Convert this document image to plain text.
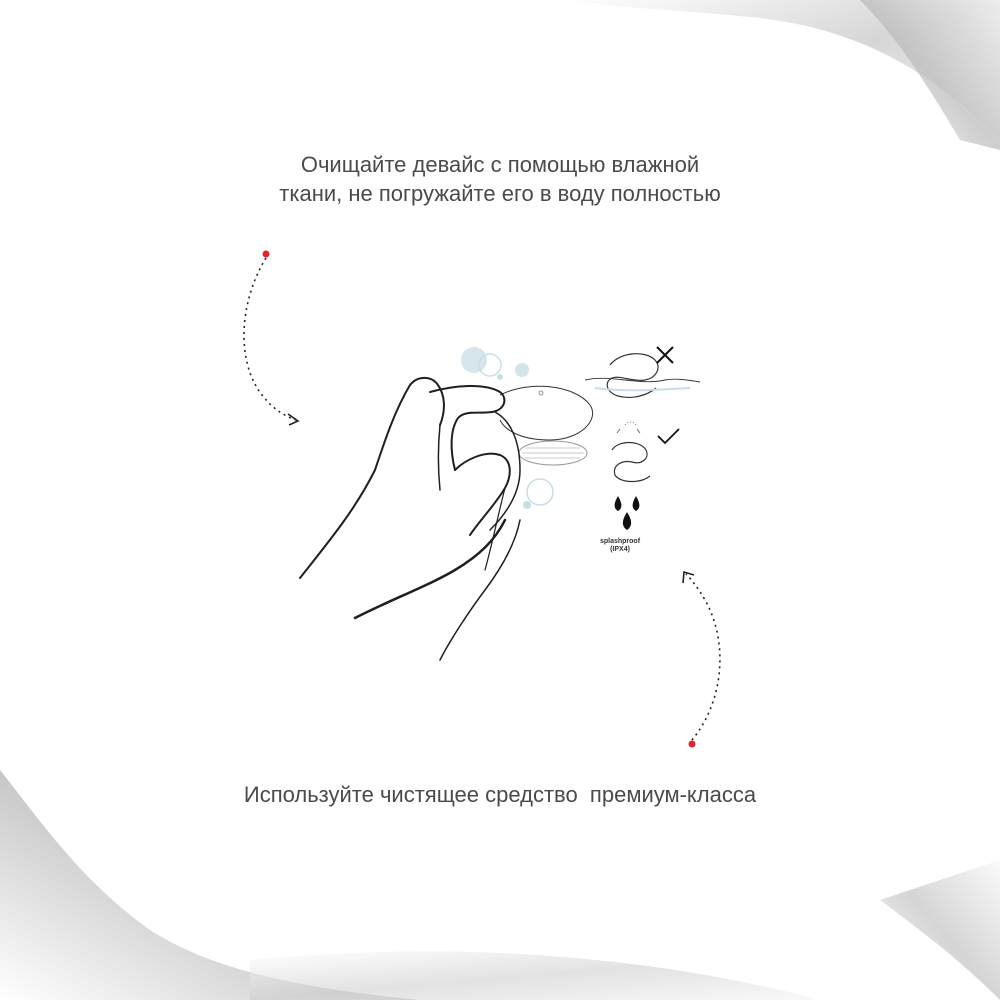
Очищайте девайс с помощью влажной
ткани, не погружайте его в воду полностью
splashproof
(IPX4)
Используйте чистящее средство  премиум-класса
